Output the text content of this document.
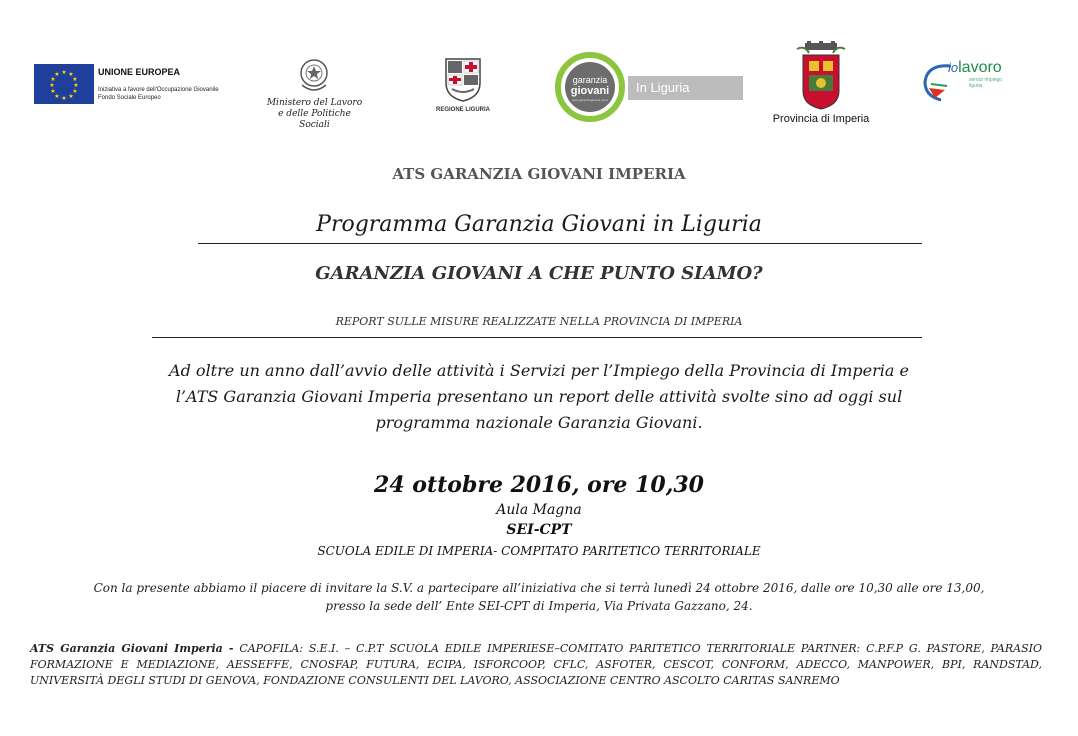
★ ★
★
★
★
★
★
★
★
★
★
★	UNIONE EUROPEA
Iniziativa a favore dell'Occupazione Giovanile
Fondo Sociale Europeo	Ministero del Lavoro
e delle Politiche Sociali
REGIONE LIGURIA
In Liguria
garanzia
giovani
www.garanziagiovani.gov.it
Provincia di Imperia
iolavoro
servizi impiego liguria
ATS GARANZIA GIOVANI IMPERIA
Programma Garanzia Giovani in Liguria
GARANZIA GIOVANI A CHE PUNTO SIAMO?
REPORT SULLE MISURE REALIZZATE NELLA PROVINCIA DI IMPERIA
Ad oltre un anno dall’avvio delle attività i Servizi per l’Impiego della Provincia di Imperia e
l’ATS Garanzia Giovani Imperia presentano un report delle attività svolte sino ad oggi sul
programma nazionale Garanzia Giovani.
24 ottobre 2016, ore 10,30
Aula Magna
SEI-CPT
SCUOLA EDILE DI IMPERIA- COMPITATO PARITETICO TERRITORIALE
Con la presente abbiamo il piacere di invitare la S.V. a partecipare all’iniziativa che si terrà lunedì 24 ottobre 2016, dalle ore 10,30 alle ore 13,00,
presso la sede dell’ Ente SEI-CPT di Imperia, Via Privata Gazzano, 24.
ATS Garanzia Giovani Imperia - CAPOFILA: S.E.I. – C.P.T SCUOLA EDILE IMPERIESE–COMITATO PARITETICO TERRITORIALE PARTNER: C.P.F.P G. PASTORE, PARASIO FORMAZIONE E MEDIAZIONE, AESSEFFE, CNOSFAP, FUTURA, ECIPA, ISFORCOOP, CFLC, ASFOTER, CESCOT, CONFORM, ADECCO, MANPOWER, BPI, RANDSTAD, UNIVERSITÀ DEGLI STUDI DI GENOVA, FONDAZIONE CONSULENTI DEL LAVORO, ASSOCIAZIONE CENTRO ASCOLTO CARITAS SANREMO
